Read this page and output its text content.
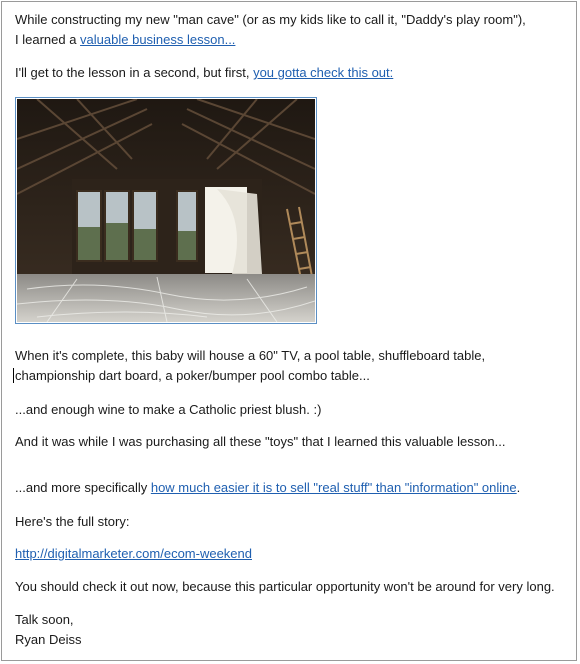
While constructing my new "man cave" (or as my kids like to call it, "Daddy's play room"),
I learned a valuable business lesson...

I'll get to the lesson in a second, but first, you gotta check this out:

When it's complete, this baby will house a 60" TV, a pool table, shuffleboard table,
championship dart board, a poker/bumper pool combo table...

...and enough wine to make a Catholic priest blush. :)

And it was while I was purchasing all these "toys" that I learned this valuable lesson...

...and more specifically how much easier it is to sell "real stuff" than "information" online.

Here's the full story:

http://digitalmarketer.com/ecom-weekend

You should check it out now, because this particular opportunity won't be around for very long.

Talk soon,
Ryan Deiss
